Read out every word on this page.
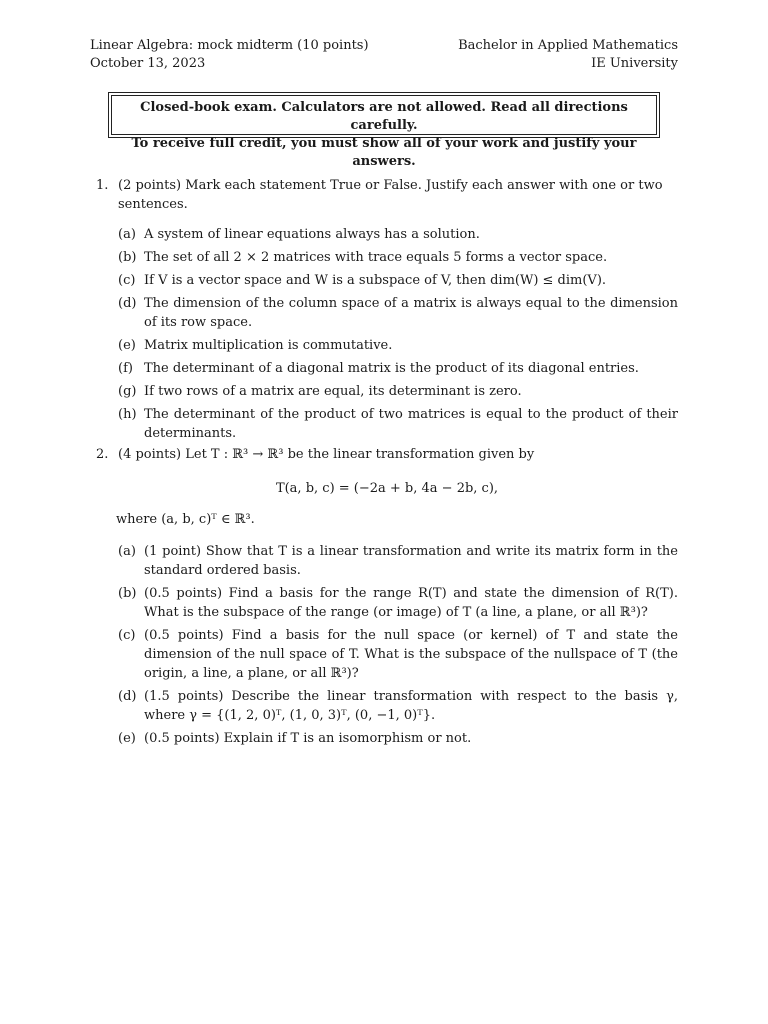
Linear Algebra: mock midterm (10 points)
October 13, 2023
Bachelor in Applied Mathematics
IE University
Closed-book exam. Calculators are not allowed. Read all directions carefully.
To receive full credit, you must show all of your work and justify your answers.
1. (2 points) Mark each statement True or False. Justify each answer with one or two sentences.
(a) A system of linear equations always has a solution.
(b) The set of all 2 × 2 matrices with trace equals 5 forms a vector space.
(c) If V is a vector space and W is a subspace of V, then dim(W) ≤ dim(V).
(d) The dimension of the column space of a matrix is always equal to the dimension of its row space.
(e) Matrix multiplication is commutative.
(f) The determinant of a diagonal matrix is the product of its diagonal entries.
(g) If two rows of a matrix are equal, its determinant is zero.
(h) The determinant of the product of two matrices is equal to the product of their determinants.
2. (4 points) Let T : ℝ³ → ℝ³ be the linear transformation given by
T(a, b, c) = (−2a + b, 4a − 2b, c),
where (a, b, c)ᵀ ∈ ℝ³.
(a) (1 point) Show that T is a linear transformation and write its matrix form in the standard ordered basis.
(b) (0.5 points) Find a basis for the range R(T) and state the dimension of R(T). What is the subspace of the range (or image) of T (a line, a plane, or all ℝ³)?
(c) (0.5 points) Find a basis for the null space (or kernel) of T and state the dimension of the null space of T. What is the subspace of the nullspace of T (the origin, a line, a plane, or all ℝ³)?
(d) (1.5 points) Describe the linear transformation with respect to the basis γ, where γ = {(1, 2, 0)ᵀ, (1, 0, 3)ᵀ, (0, −1, 0)ᵀ}.
(e) (0.5 points) Explain if T is an isomorphism or not.
